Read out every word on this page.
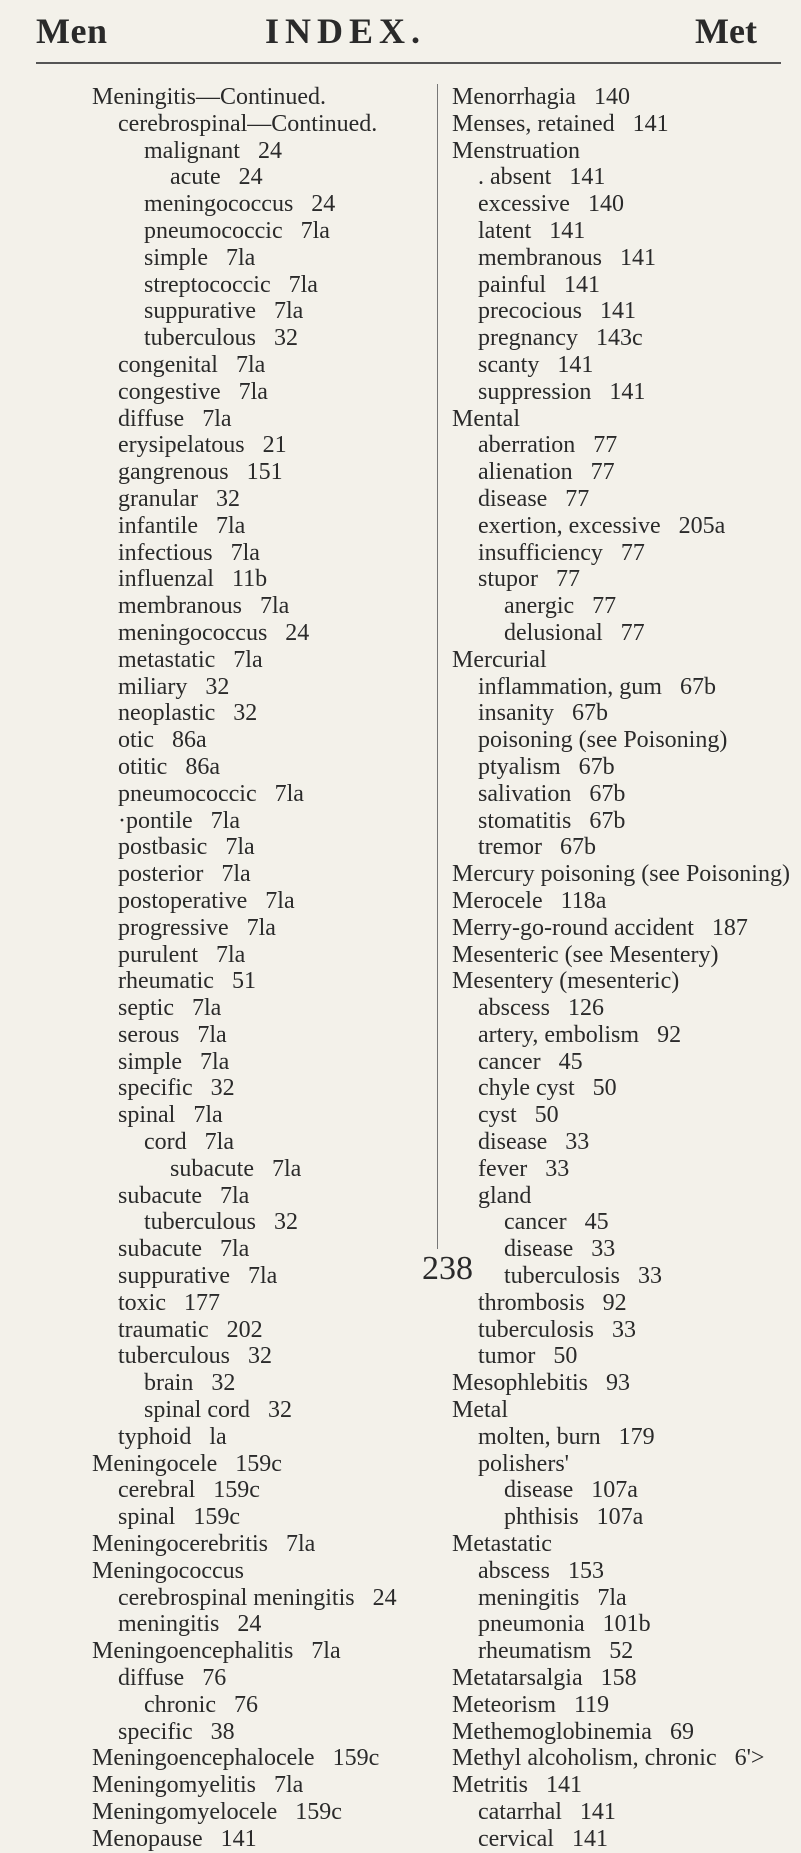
Men	INDEX.	Met
Meningitis—Continued.
cerebrospinal—Continued.
malignant   24
acute   24
meningococcus   24
pneumococcic   7la
simple   7la
streptococcic   7la
suppurative   7la
tuberculous   32
congenital   7la
congestive   7la
diffuse   7la
erysipelatous   21
gangrenous   151
granular   32
infantile   7la
infectious   7la
influenzal   11b
membranous   7la
meningococcus   24
metastatic   7la
miliary   32
neoplastic   32
otic   86a
otitic   86a
pneumococcic   7la
·pontile   7la
postbasic   7la
posterior   7la
postoperative   7la
progressive   7la
purulent   7la
rheumatic   51
septic   7la
serous   7la
simple   7la
specific   32
spinal   7la
cord   7la
subacute   7la
subacute   7la
tuberculous   32
subacute   7la
suppurative   7la
toxic   177
traumatic   202
tuberculous   32
brain   32
spinal cord   32
typhoid   la
Meningocele   159c
cerebral   159c
spinal   159c
Meningocerebritis   7la
Meningococcus
cerebrospinal meningitis   24
meningitis   24
Meningoencephalitis   7la
diffuse   76
chronic   76
specific   38
Meningoencephalocele   159c
Meningomyelitis   7la
Meningomyelocele   159c
Menopause   141
Menorrhagia   140
Menses, retained   141
Menstruation
. absent   141
excessive   140
latent   141
membranous   141
painful   141
precocious   141
pregnancy   143c
scanty   141
suppression   141
Mental
aberration   77
alienation   77
disease   77
exertion, excessive   205a
insufficiency   77
stupor   77
anergic   77
delusional   77
Mercurial
inflammation, gum   67b
insanity   67b
poisoning (see Poisoning)
ptyalism   67b
salivation   67b
stomatitis   67b
tremor   67b
Mercury poisoning (see Poisoning)
Merocele   118a
Merry-go-round accident   187
Mesenteric (see Mesentery)
Mesentery (mesenteric)
abscess   126
artery, embolism   92
cancer   45
chyle cyst   50
cyst   50
disease   33
fever   33
gland
cancer   45
disease   33
tuberculosis   33
thrombosis   92
tuberculosis   33
tumor   50
Mesophlebitis   93
Metal
molten, burn   179
polishers'
disease   107a
phthisis   107a
Metastatic
abscess   153
meningitis   7la
pneumonia   101b
rheumatism   52
Metatarsalgia   158
Meteorism   119
Methemoglobinemia   69
Methyl alcoholism, chronic   6'>
Metritis   141
catarrhal   141
cervical   141
238
